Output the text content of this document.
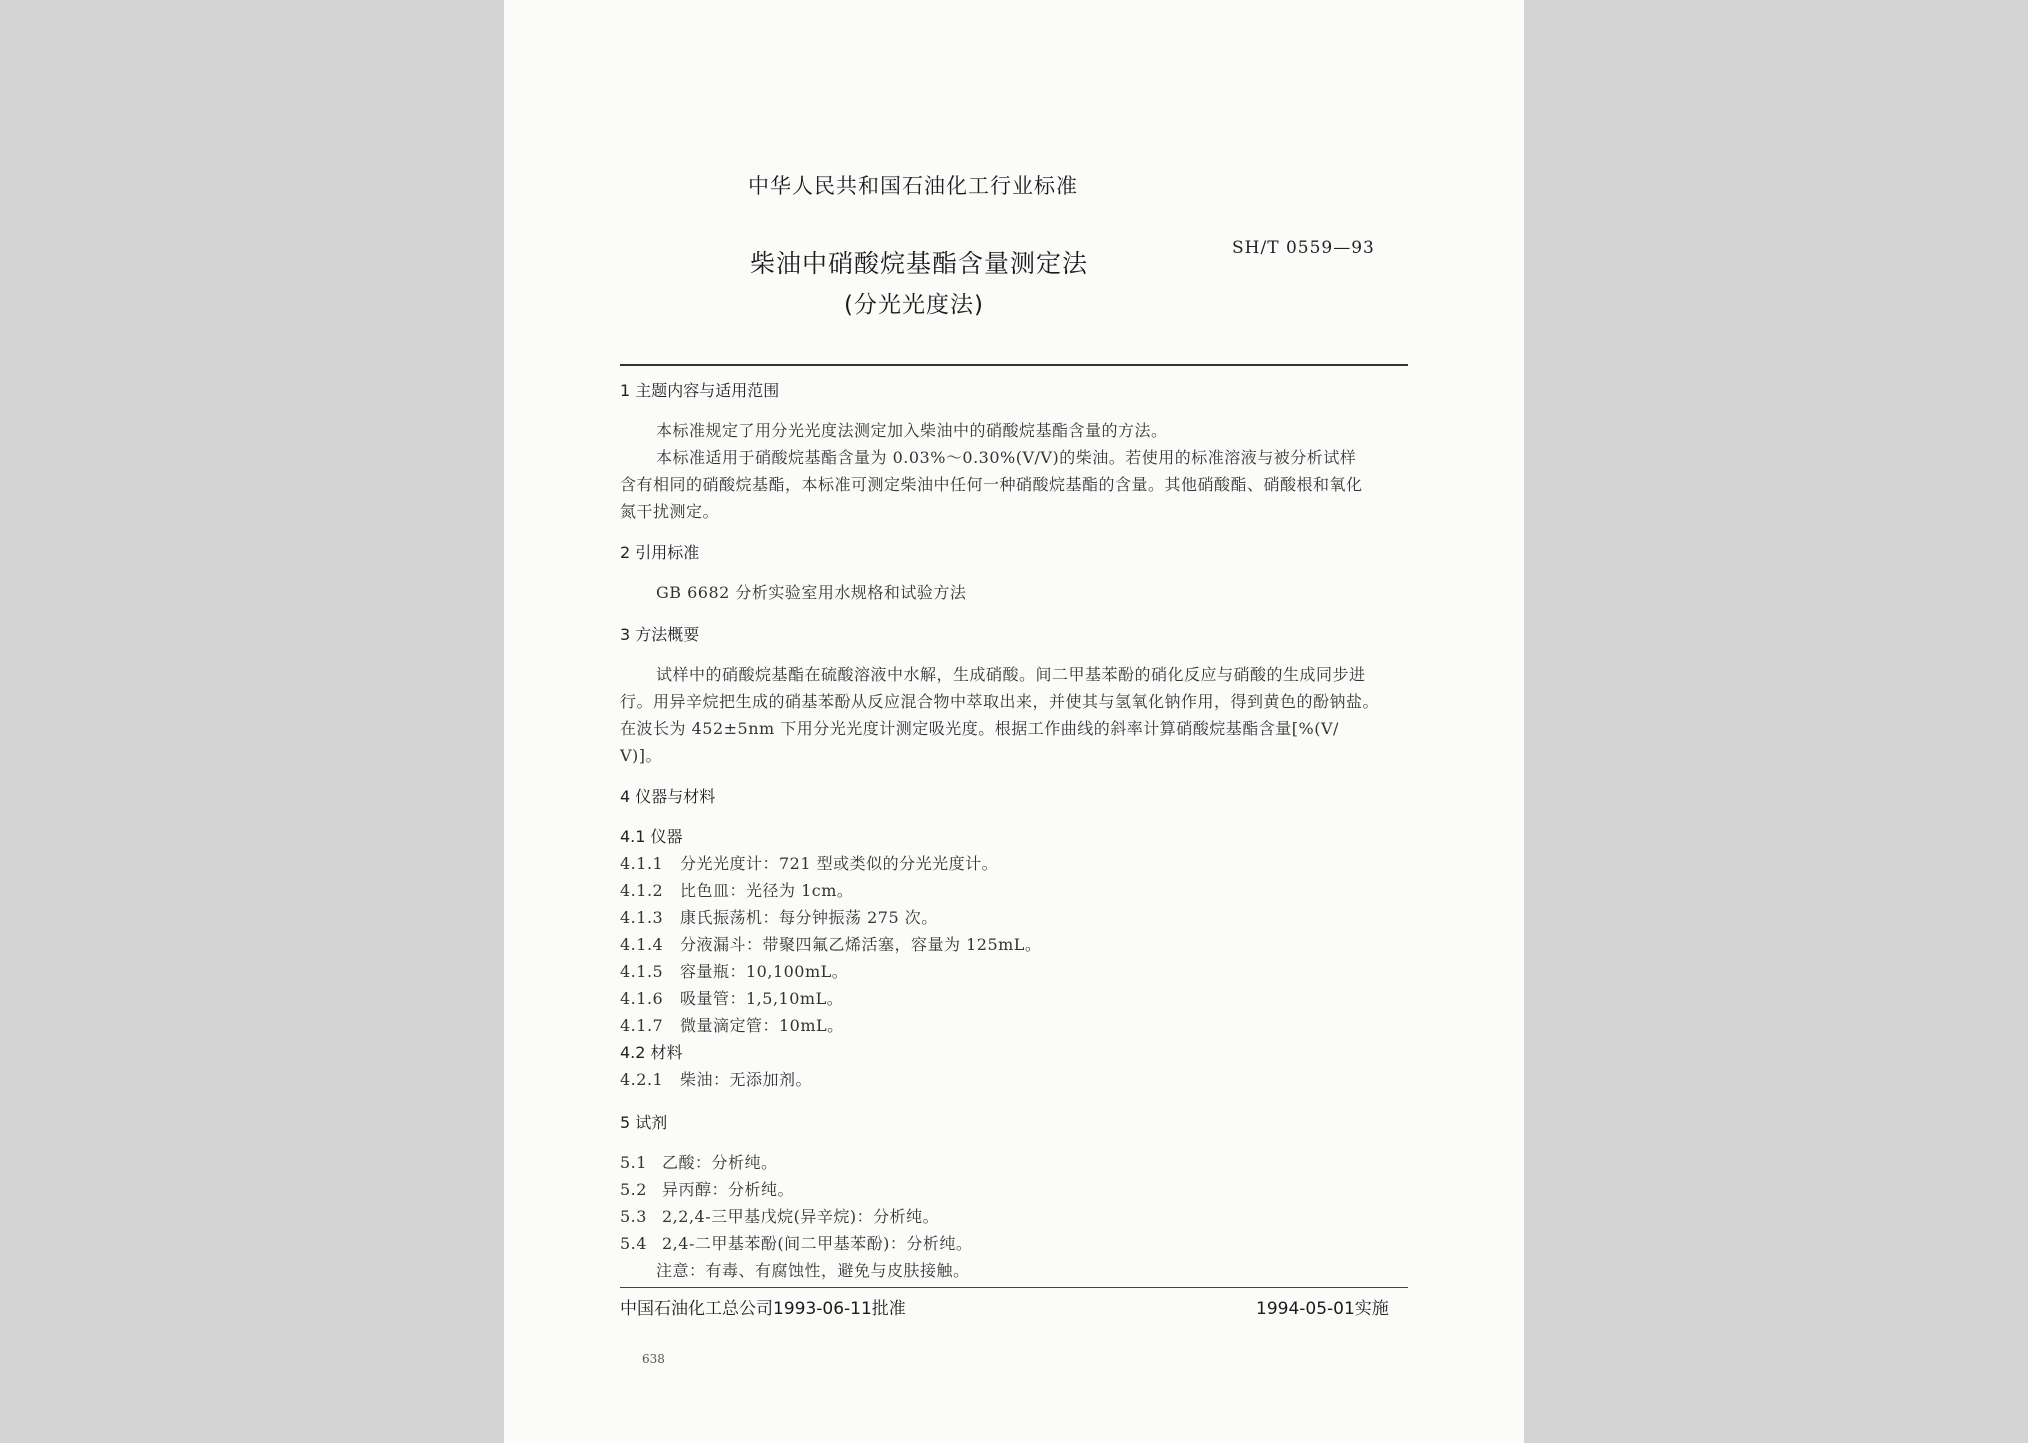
中华人民共和国石油化工行业标准
柴油中硝酸烷基酯含量测定法
(分光光度法)
SH/T 0559—93
1 主题内容与适用范围
本标准规定了用分光光度法测定加入柴油中的硝酸烷基酯含量的方法。
本标准适用于硝酸烷基酯含量为 0.03%～0.30%(V/V)的柴油。若使用的标准溶液与被分析试样
含有相同的硝酸烷基酯，本标准可测定柴油中任何一种硝酸烷基酯的含量。其他硝酸酯、硝酸根和氧化
氮干扰测定。
2 引用标准
GB 6682 分析实验室用水规格和试验方法
3 方法概要
试样中的硝酸烷基酯在硫酸溶液中水解，生成硝酸。间二甲基苯酚的硝化反应与硝酸的生成同步进
行。用异辛烷把生成的硝基苯酚从反应混合物中萃取出来，并使其与氢氧化钠作用，得到黄色的酚钠盐。
在波长为 452±5nm 下用分光光度计测定吸光度。根据工作曲线的斜率计算硝酸烷基酯含量[%(V/
V)]。
4 仪器与材料
4.1 仪器
4.1.1 分光光度计：721 型或类似的分光光度计。
4.1.2 比色皿：光径为 1cm。
4.1.3 康氏振荡机：每分钟振荡 275 次。
4.1.4 分液漏斗：带聚四氟乙烯活塞，容量为 125mL。
4.1.5 容量瓶：10,100mL。
4.1.6 吸量管：1,5,10mL。
4.1.7 微量滴定管：10mL。
4.2 材料
4.2.1 柴油：无添加剂。
5 试剂
5.1 乙酸：分析纯。
5.2 异丙醇：分析纯。
5.3 2,2,4-三甲基戊烷(异辛烷)：分析纯。
5.4 2,4-二甲基苯酚(间二甲基苯酚)：分析纯。
注意：有毒、有腐蚀性，避免与皮肤接触。
中国石油化工总公司1993-06-11批准	1994-05-01实施
638
